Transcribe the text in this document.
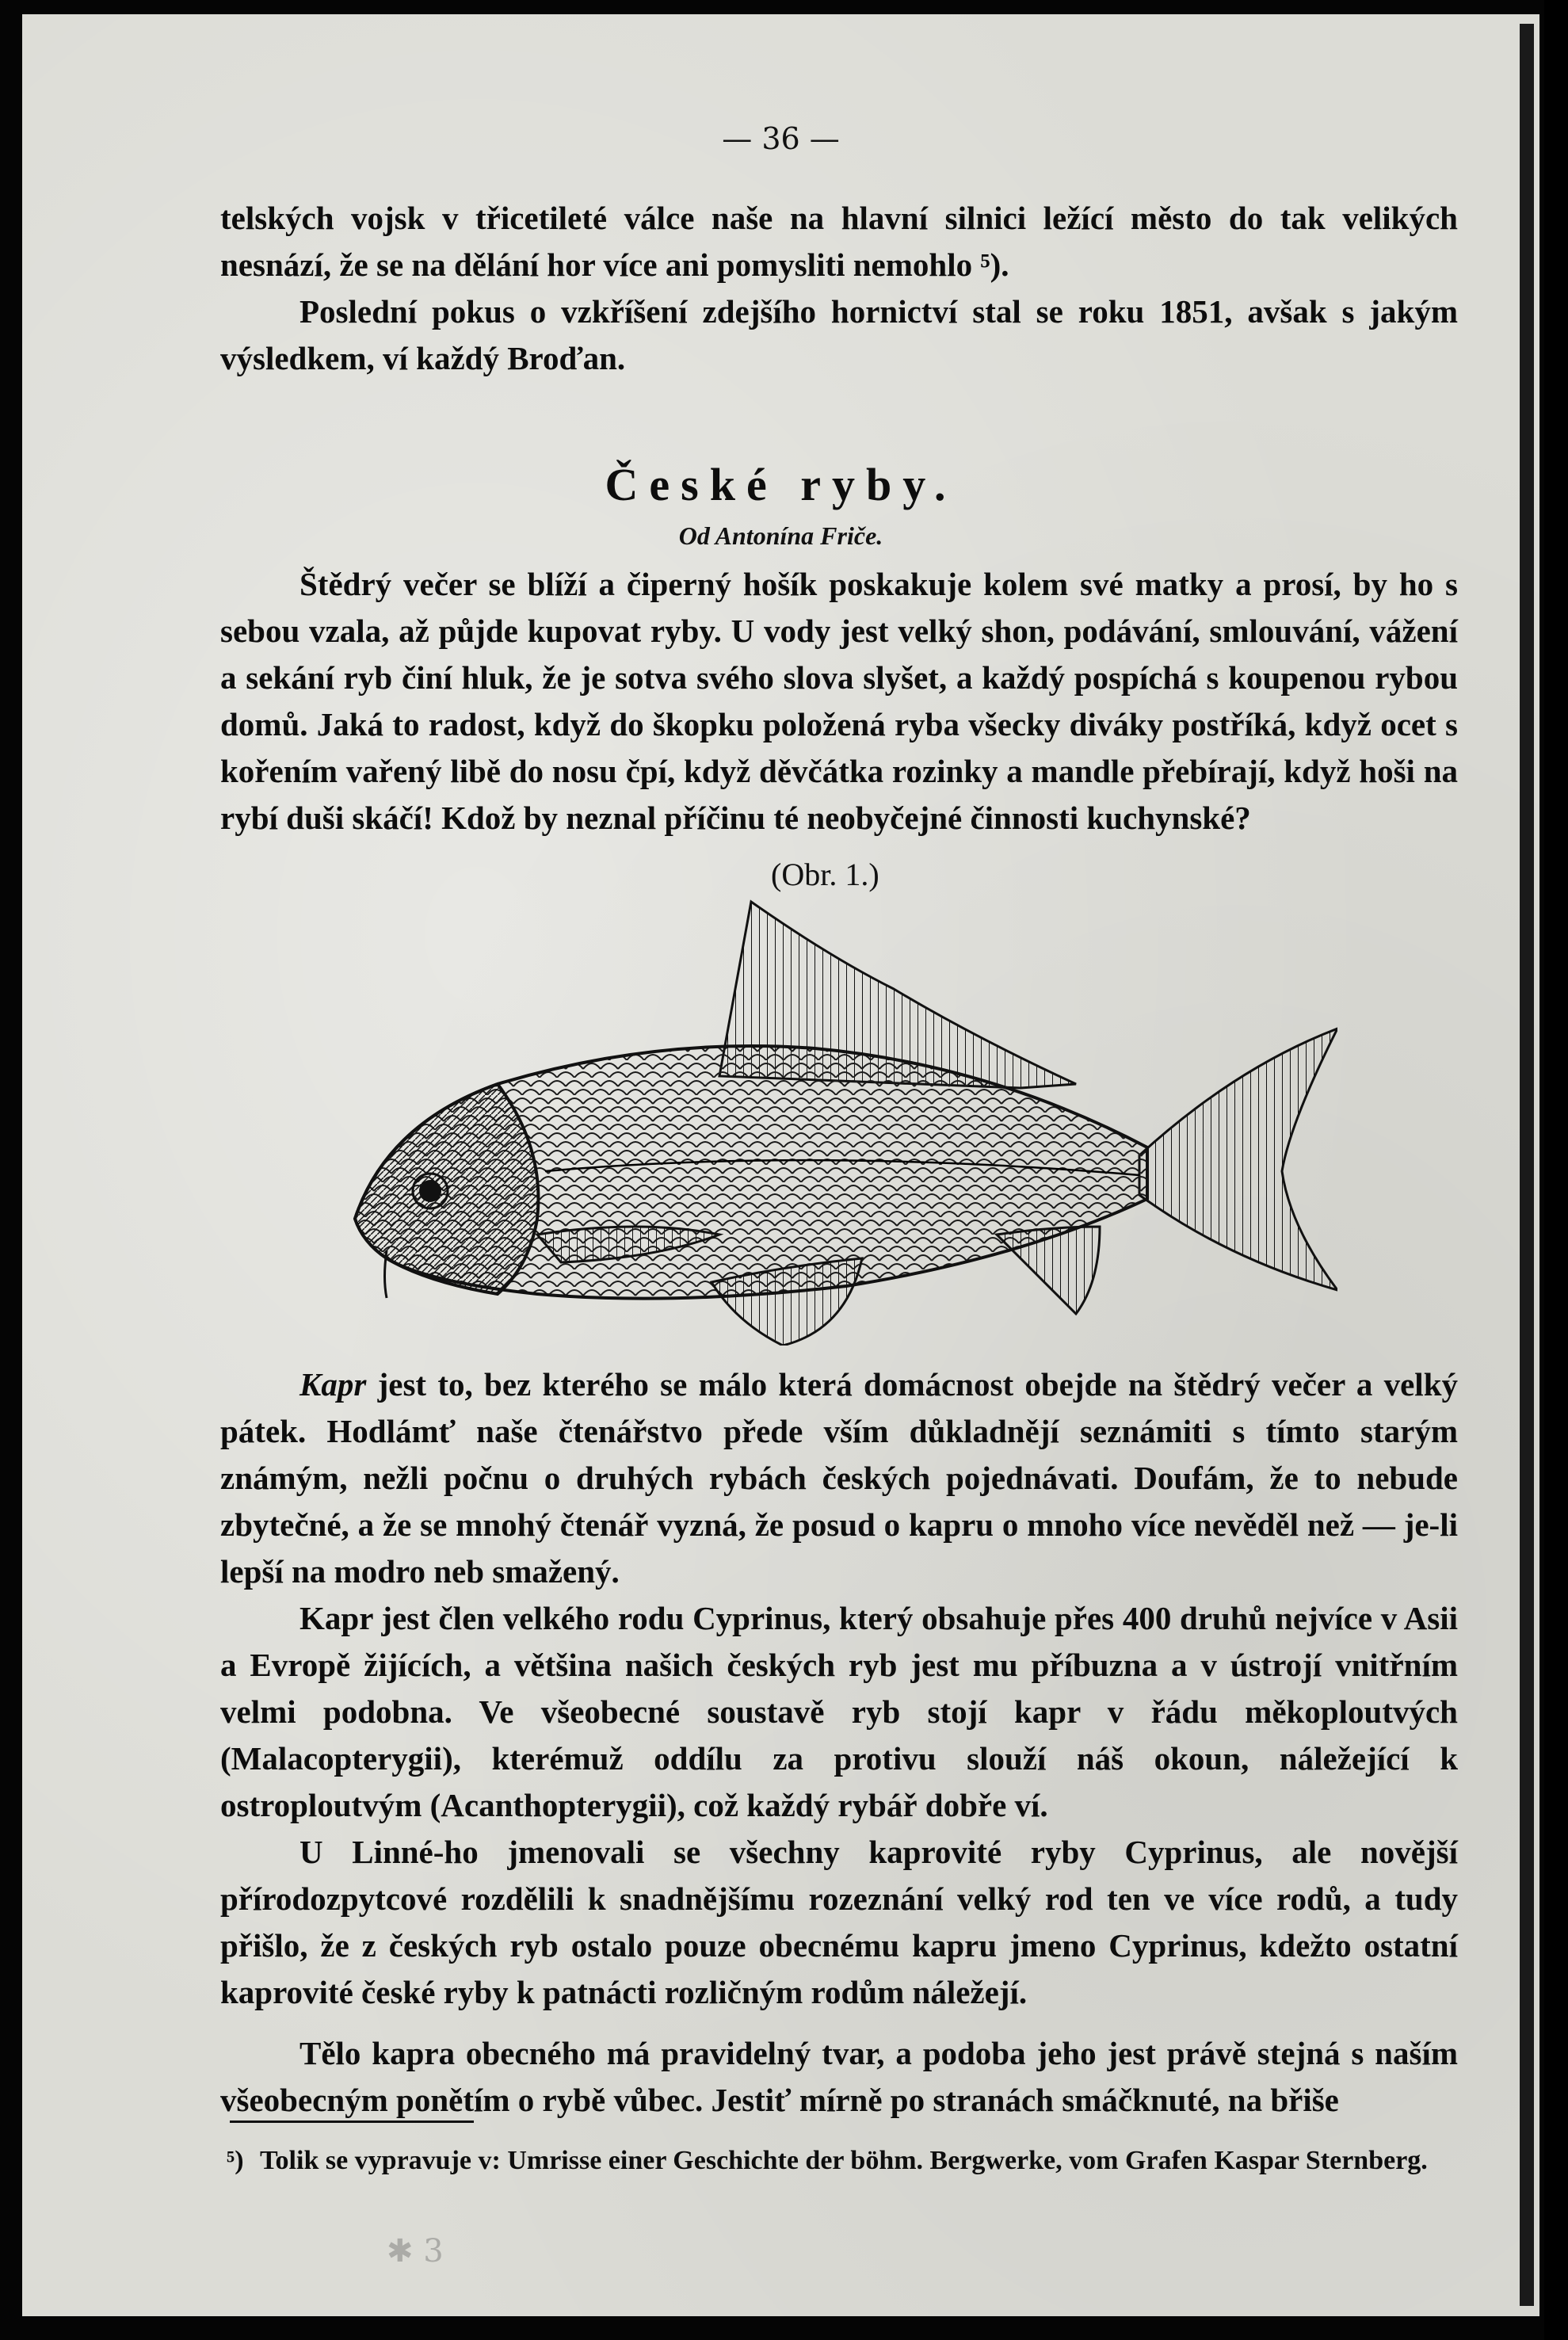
— 36 —

telských vojsk v třicetileté válce naše na hlavní silnici ležící město do tak velikých nesnází, že se na dělání hor více ani pomysliti nemohlo ⁵).

Poslední pokus o vzkříšení zdejšího hornictví stal se roku 1851, avšak s jakým výsledkem, ví každý Broďan.

České ryby.
Od Antonína Friče.

Štědrý večer se blíží a čiperný hošík poskakuje kolem své matky a prosí, by ho s sebou vzala, až půjde kupovat ryby. U vody jest velký shon, podávání, smlouvání, vážení a sekání ryb činí hluk, že je sotva svého slova slyšet, a každý pospíchá s koupenou rybou domů. Jaká to radost, když do škopku položená ryba všecky diváky postříká, když ocet s kořením vařený libě do nosu čpí, když děvčátka rozinky a mandle přebírají, když hoši na rybí duši skáčí! Kdož by neznal příčinu té neobyčejné činnosti kuchynské?

(Obr. 1.)

Kapr jest to, bez kterého se málo která domácnost obejde na štědrý večer a velký pátek. Hodlámť naše čtenářstvo přede vším důkladnějí seznámiti s tímto starým známým, nežli počnu o druhých rybách českých pojednávati. Doufám, že to nebude zbytečné, a že se mnohý čtenář vyzná, že posud o kapru o mnoho více nevěděl než — je-li lepší na modro neb smažený.

Kapr jest člen velkého rodu Cyprinus, který obsahuje přes 400 druhů nejvíce v Asii a Evropě žijících, a většina našich českých ryb jest mu příbuzna a v ústrojí vnitřním velmi podobna. Ve všeobecné soustavě ryb stojí kapr v řádu měkoploutvých (Malacopterygii), kterémuž oddílu za protivu slouží náš okoun, náležející k ostroploutvým (Acanthopterygii), což každý rybář dobře ví.

U Linné-ho jmenovali se všechny kaprovité ryby Cyprinus, ale novější přírodozpytcové rozdělili k snadnějšímu rozeznání velký rod ten ve více rodů, a tudy přišlo, že z českých ryb ostalo pouze obecnému kapru jmeno Cyprinus, kdežto ostatní kaprovité české ryby k patnácti rozličným rodům náležejí.

Tělo kapra obecného má pravidelný tvar, a podoba jeho jest právě stejná s naším všeobecným ponětím o rybě vůbec. Jestiť mírně po stranách smáčknuté, na břiše

⁵) Tolik se vypravuje v: Umrisse einer Geschichte der böhm. Bergwerke, vom Grafen Kaspar Sternberg.
✱ 3
